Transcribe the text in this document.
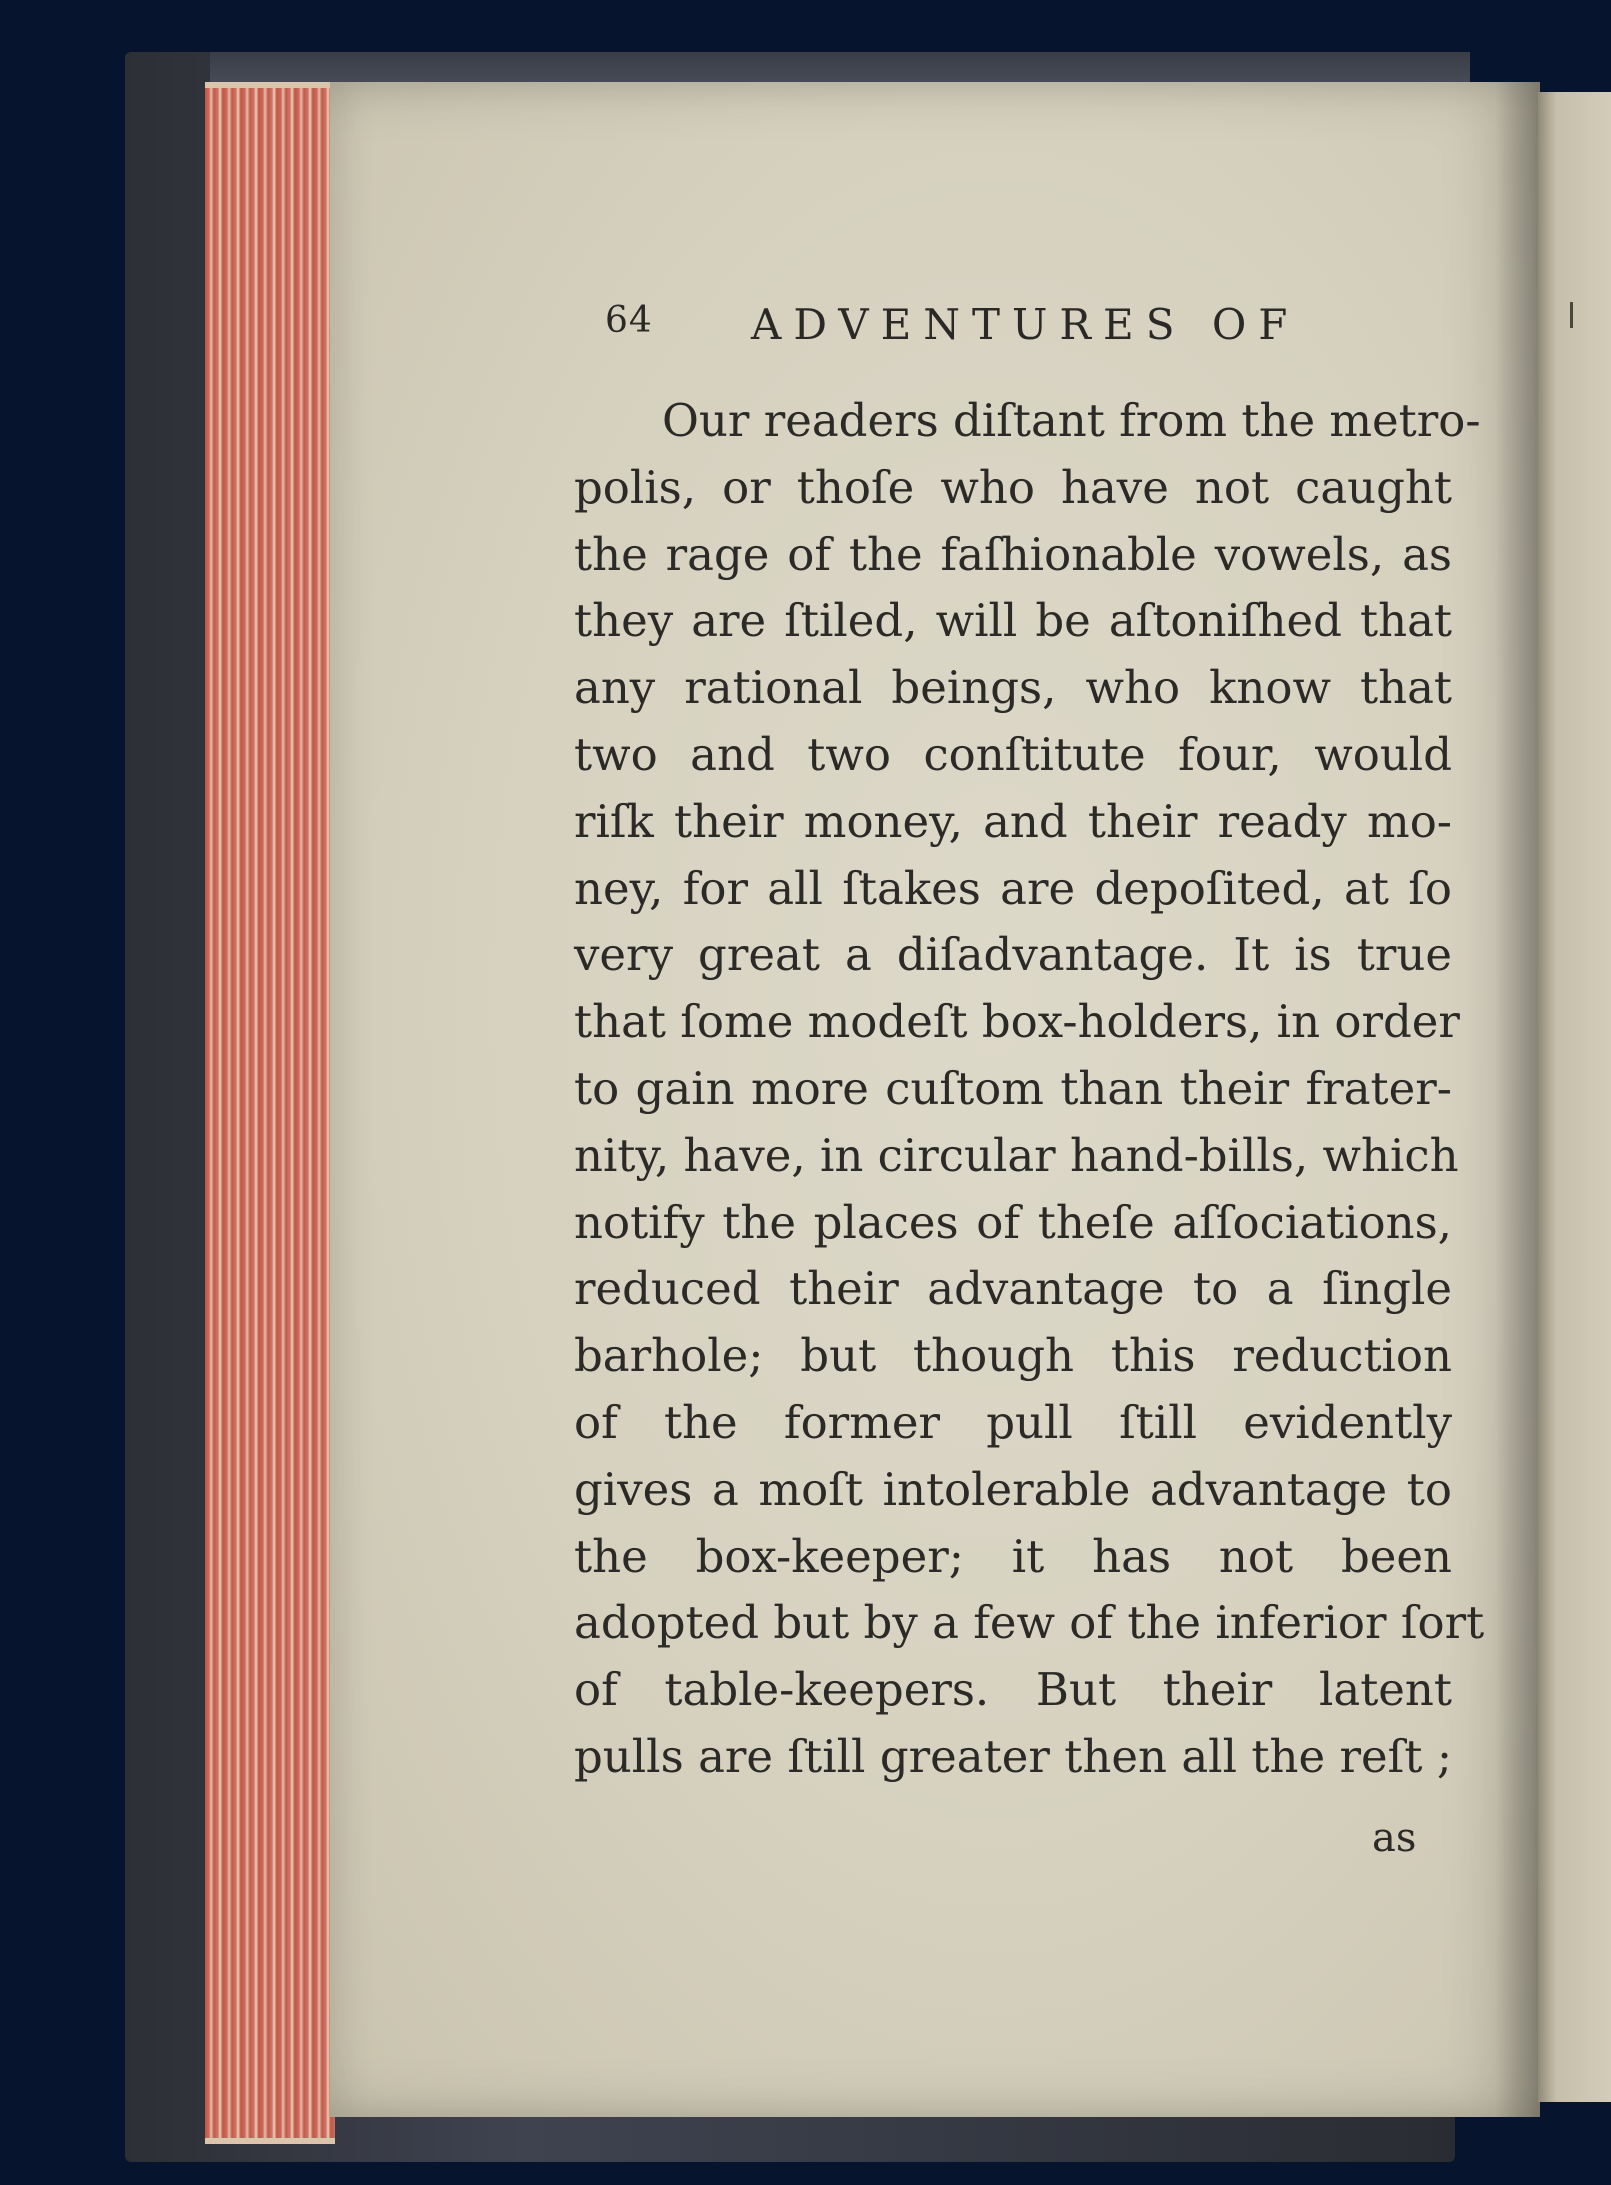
64 ADVENTURES OF
Our readers diſtant from the metro-
polis, or thoſe who have not caught
the rage of the faſhionable vowels, as
they are ſtiled, will be aſtoniſhed that
any rational beings, who know that
two and two conſtitute four, would
riſk their money, and their ready mo-
ney, for all ſtakes are depoſited, at ſo
very great a diſadvantage. It is true
that ſome modeſt box-holders, in order
to gain more cuſtom than their frater-
nity, have, in circular hand-bills, which
notify the places of theſe aſſociations,
reduced their advantage to a ſingle
barhole; but though this reduction
of the former pull ſtill evidently
gives a moſt intolerable advantage to
the box-keeper; it has not been
adopted but by a few of the inferior ſort
of table-keepers. But their latent
pulls are ſtill greater then all the reſt ;
as
